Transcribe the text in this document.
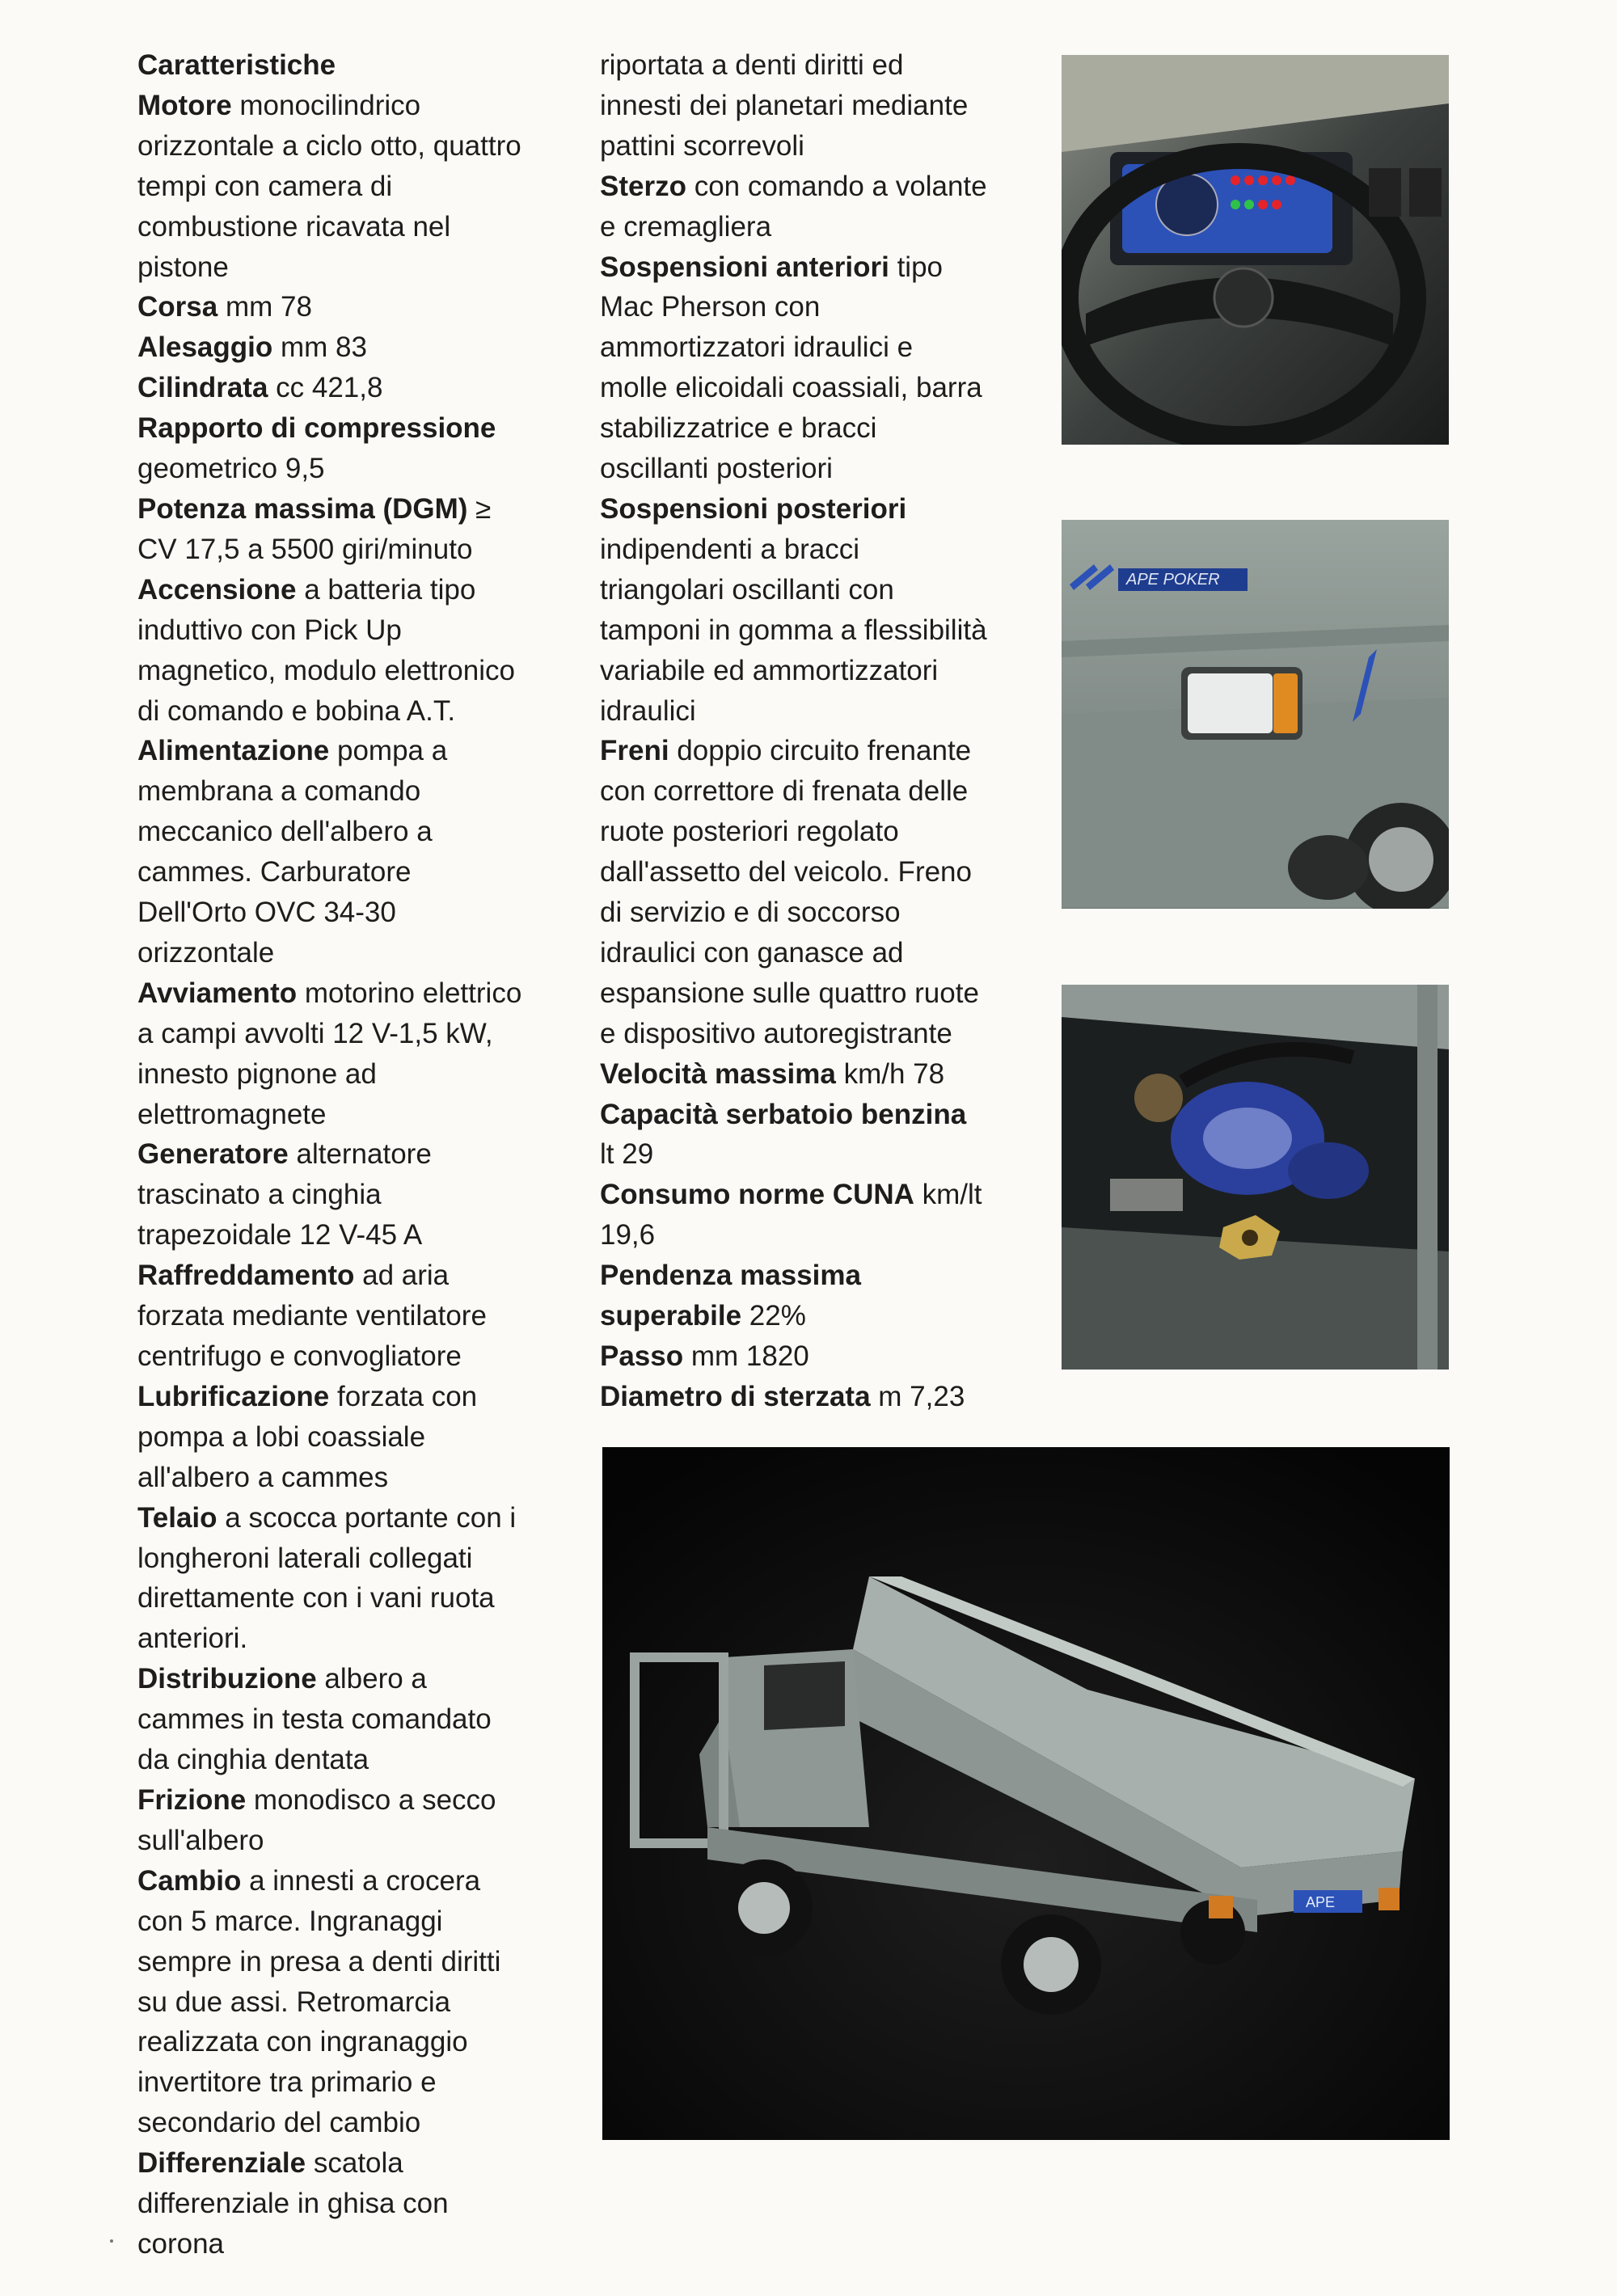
Caratteristiche

Motore monocilindrico orizzontale a ciclo otto, quattro tempi con camera di combustione ricavata nel pistone

Corsa mm 78

Alesaggio mm 83

Cilindrata cc 421,8

Rapporto di compressione geometrico 9,5

Potenza massima (DGM) ≥ CV 17,5 a 5500 giri/minuto

Accensione a batteria tipo induttivo con Pick Up magnetico, modulo elettronico di comando e bobina A.T.

Alimentazione pompa a membrana a comando meccanico dell'albero a cammes. Carburatore Dell'Orto OVC 34-30 orizzontale

Avviamento motorino elettrico a campi avvolti 12 V-1,5 kW, innesto pignone ad elettromagnete

Generatore alternatore trascinato a cinghia trapezoidale 12 V-45 A

Raffreddamento ad aria forzata mediante ventilatore centrifugo e convogliatore

Lubrificazione forzata con pompa a lobi coassiale all'albero a cammes

Telaio a scocca portante con i longheroni laterali collegati direttamente con i vani ruota anteriori.

Distribuzione albero a cammes in testa comandato da cinghia dentata

Frizione monodisco a secco sull'albero

Cambio a innesti a crocera con 5 marce. Ingranaggi sempre in presa a denti diritti su due assi. Retromarcia realizzata con ingranaggio invertitore tra primario e secondario del cambio

Differenziale scatola differenziale in ghisa con corona

riportata a denti diritti ed innesti dei planetari mediante pattini scorrevoli

Sterzo con comando a volante e cremagliera

Sospensioni anteriori tipo Mac Pherson con ammortizzatori idraulici e molle elicoidali coassiali, barra stabilizzatrice e bracci oscillanti posteriori

Sospensioni posteriori indipendenti a bracci triangolari oscillanti con tamponi in gomma a flessibilità variabile ed ammortizzatori idraulici

Freni doppio circuito frenante con correttore di frenata delle ruote posteriori regolato dall'assetto del veicolo. Freno di servizio e di soccorso idraulici con ganasce ad espansione sulle quattro ruote e dispositivo autoregistrante

Velocità massima km/h 78

Capacità serbatoio benzina lt 29

Consumo norme CUNA km/lt 19,6

Pendenza massima superabile 22%

Passo mm 1820

Diametro di sterzata m 7,23

APE POKER
APE
